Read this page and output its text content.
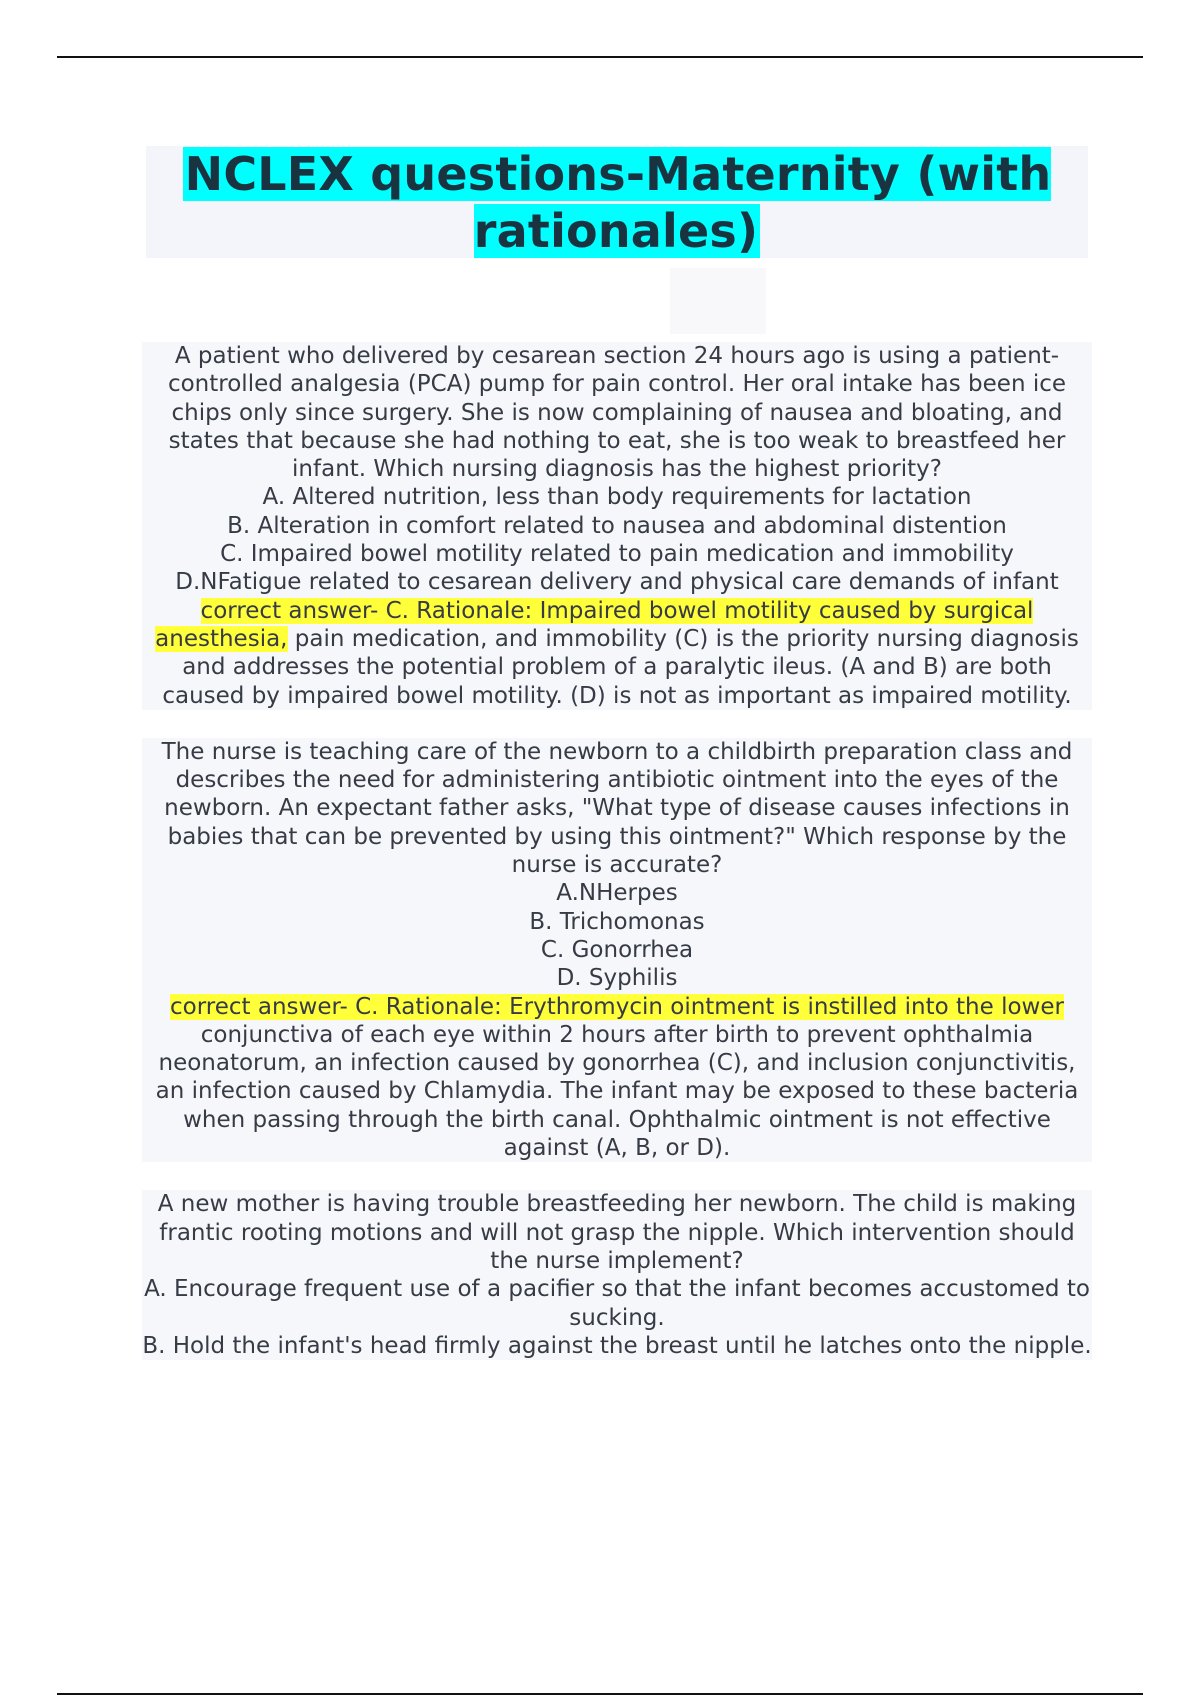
NCLEX questions-Maternity (with rationales)

A patient who delivered by cesarean section 24 hours ago is using a patient-controlled analgesia (PCA) pump for pain control. Her oral intake has been ice chips only since surgery. She is now complaining of nausea and bloating, and states that because she had nothing to eat, she is too weak to breastfeed her infant. Which nursing diagnosis has the highest priority?

A. Altered nutrition, less than body requirements for lactation

B. Alteration in comfort related to nausea and abdominal distention

C. Impaired bowel motility related to pain medication and immobility

D.NFatigue related to cesarean delivery and physical care demands of infant

correct answer- C. Rationale: Impaired bowel motility caused by surgical anesthesia, pain medication, and immobility (C) is the priority nursing diagnosis and addresses the potential problem of a paralytic ileus. (A and B) are both caused by impaired bowel motility. (D) is not as important as impaired motility.

The nurse is teaching care of the newborn to a childbirth preparation class and describes the need for administering antibiotic ointment into the eyes of the newborn. An expectant father asks, "What type of disease causes infections in babies that can be prevented by using this ointment?" Which response by the nurse is accurate?

A.NHerpes

B. Trichomonas

C. Gonorrhea

D. Syphilis

correct answer- C. Rationale: Erythromycin ointment is instilled into the lower conjunctiva of each eye within 2 hours after birth to prevent ophthalmia neonatorum, an infection caused by gonorrhea (C), and inclusion conjunctivitis, an infection caused by Chlamydia. The infant may be exposed to these bacteria when passing through the birth canal. Ophthalmic ointment is not effective against (A, B, or D).

A new mother is having trouble breastfeeding her newborn. The child is making frantic rooting motions and will not grasp the nipple. Which intervention should the nurse implement?

A. Encourage frequent use of a pacifier so that the infant becomes accustomed to sucking.

B. Hold the infant's head firmly against the breast until he latches onto the nipple.
